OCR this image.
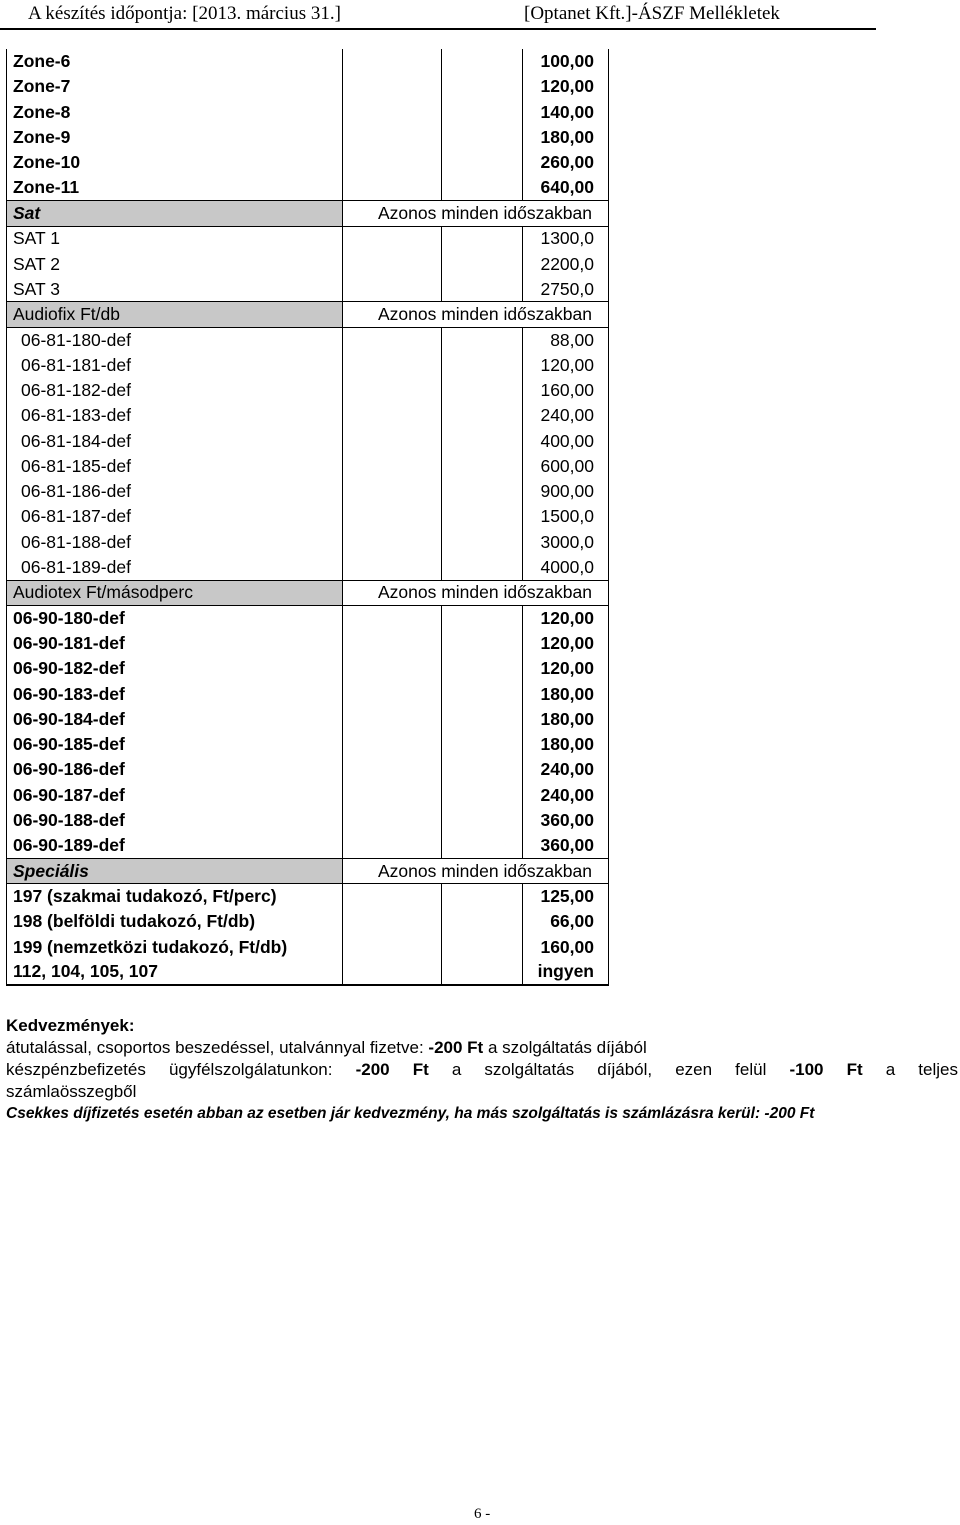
A készítés időpontja: [2013. március 31.]	[Optanet Kft.]-ÁSZF Mellékletek
Zone-6			100,00
Zone-7			120,00
Zone-8			140,00
Zone-9			180,00
Zone-10			260,00
Zone-11			640,00
Sat	Azonos minden időszakban		
SAT 1			1300,0
SAT 2			2200,0
SAT 3			2750,0
Audiofix Ft/db	Azonos minden időszakban		
06-81-180-def			88,00
06-81-181-def			120,00
06-81-182-def			160,00
06-81-183-def			240,00
06-81-184-def			400,00
06-81-185-def			600,00
06-81-186-def			900,00
06-81-187-def			1500,0
06-81-188-def			3000,0
06-81-189-def			4000,0
Audiotex Ft/másodperc	Azonos minden időszakban		
06-90-180-def			120,00
06-90-181-def			120,00
06-90-182-def			120,00
06-90-183-def			180,00
06-90-184-def			180,00
06-90-185-def			180,00
06-90-186-def			240,00
06-90-187-def			240,00
06-90-188-def			360,00
06-90-189-def			360,00
Speciális	Azonos minden időszakban		
197 (szakmai tudakozó, Ft/perc)			125,00
198 (belföldi tudakozó, Ft/db)			66,00
199 (nemzetközi tudakozó, Ft/db)			160,00
112, 104, 105, 107			ingyen

Kedvezmények:

átutalással, csoportos beszedéssel, utalvánnyal fizetve: -200 Ft a szolgáltatás díjából

készpénzbefizetés ügyfélszolgálatunkon: -200 Ft a szolgáltatás díjából, ezen felül -100 Ft a teljes

számlaösszegből

Csekkes díjfizetés esetén abban az esetben jár kedvezmény, ha más szolgáltatás is számlázásra kerül: -200 Ft

6 -
